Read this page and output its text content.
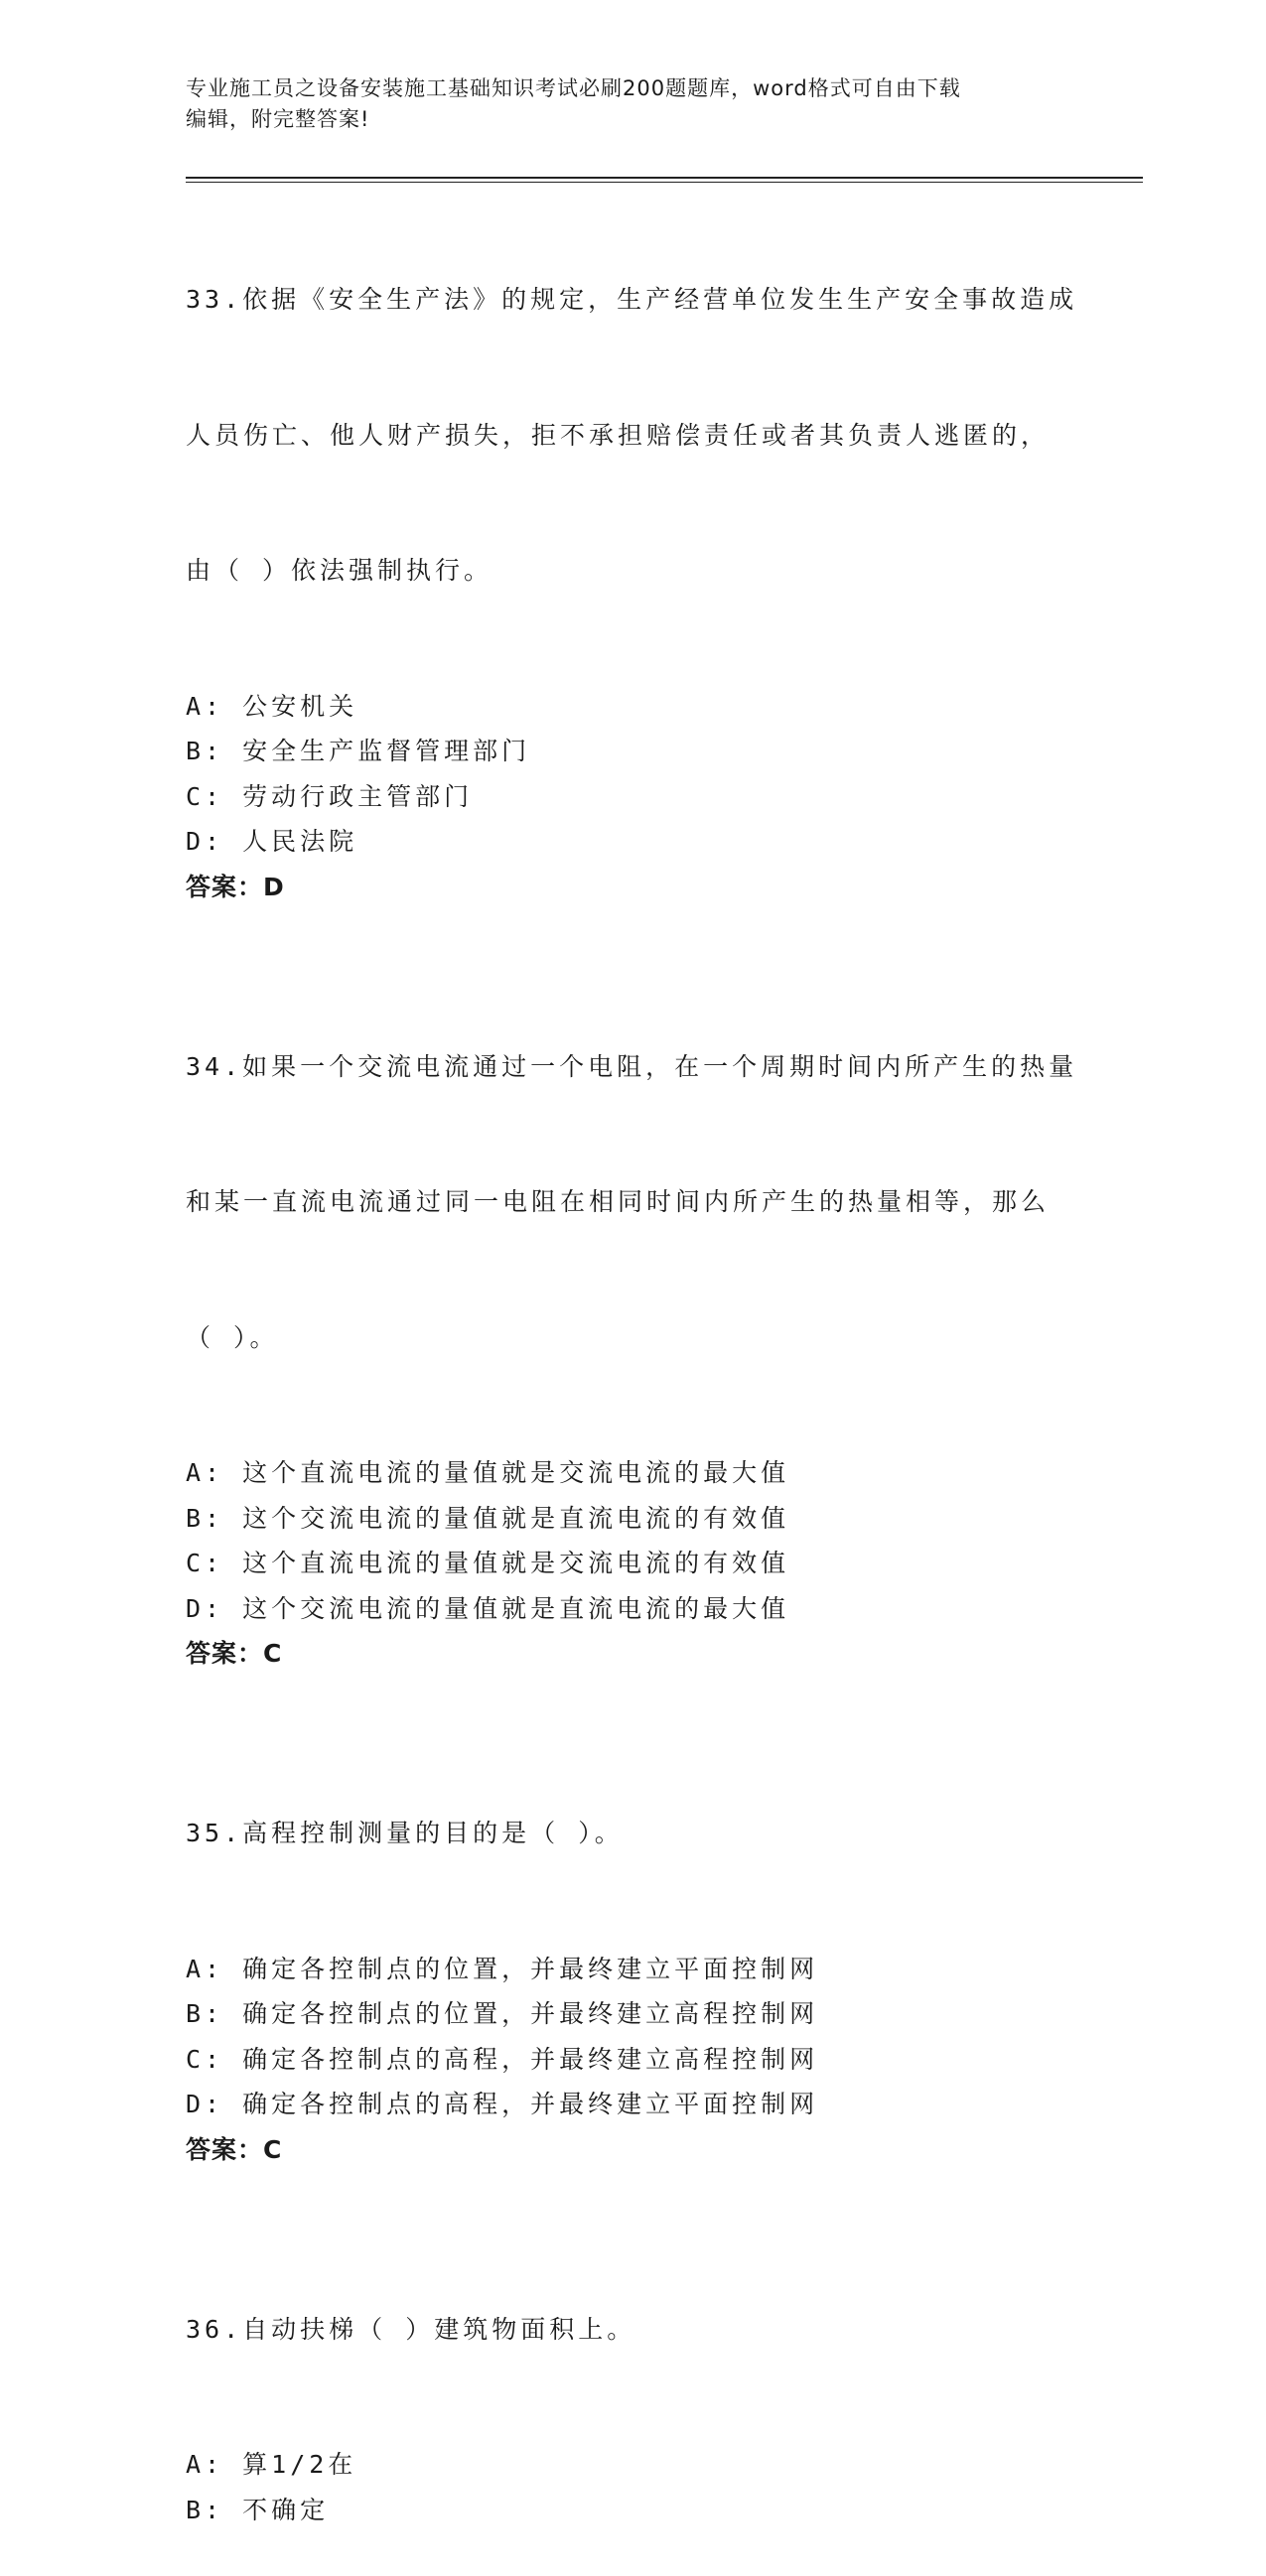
专业施工员之设备安装施工基础知识考试必刷200题题库，word格式可自由下载
编辑，附完整答案!

33.依据《安全生产法》的规定，生产经营单位发生生产安全事故造成

人员伤亡、他人财产损失，拒不承担赔偿责任或者其负责人逃匿的，

由（ ）依法强制执行。

A: 公安机关
B: 安全生产监督管理部门
C: 劳动行政主管部门
D: 人民法院
答案：D

34.如果一个交流电流通过一个电阻，在一个周期时间内所产生的热量

和某一直流电流通过同一电阻在相同时间内所产生的热量相等，那么

（ ）。

A: 这个直流电流的量值就是交流电流的最大值
B: 这个交流电流的量值就是直流电流的有效值
C: 这个直流电流的量值就是交流电流的有效值
D: 这个交流电流的量值就是直流电流的最大值
答案：C

35.高程控制测量的目的是（ ）。

A: 确定各控制点的位置，并最终建立平面控制网
B: 确定各控制点的位置，并最终建立高程控制网
C: 确定各控制点的高程，并最终建立高程控制网
D: 确定各控制点的高程，并最终建立平面控制网
答案：C

36.自动扶梯（ ）建筑物面积上。

A: 算1/2在
B: 不确定
